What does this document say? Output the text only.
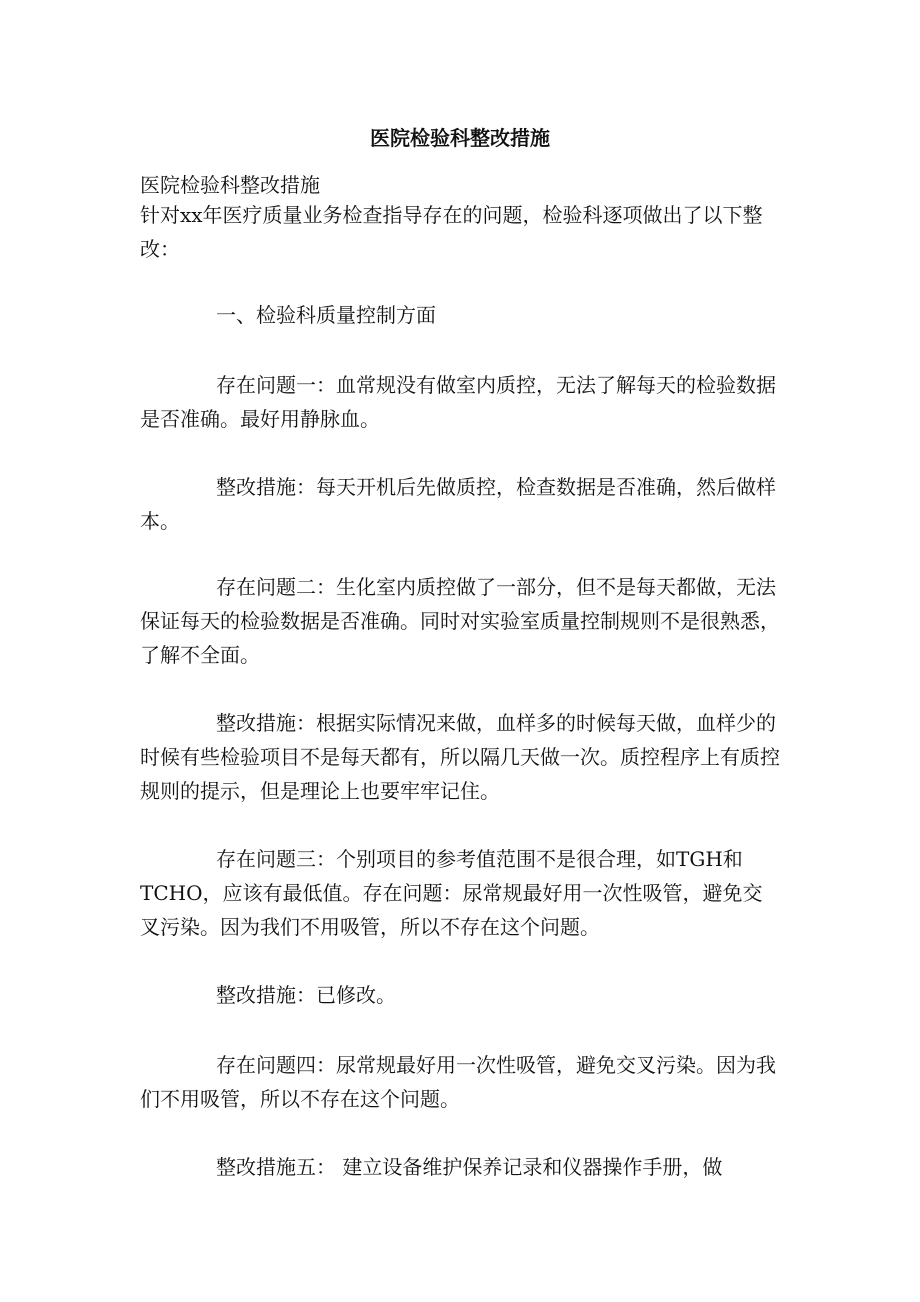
医院检验科整改措施

医院检验科整改措施

针对xx年医疗质量业务检查指导存在的问题，检验科逐项做出了以下整改：

一、检验科质量控制方面

存在问题一：血常规没有做室内质控，无法了解每天的检验数据是否准确。最好用静脉血。

整改措施：每天开机后先做质控，检查数据是否准确，然后做样本。

存在问题二：生化室内质控做了一部分，但不是每天都做，无法保证每天的检验数据是否准确。同时对实验室质量控制规则不是很熟悉，了解不全面。

整改措施：根据实际情况来做，血样多的时候每天做，血样少的时候有些检验项目不是每天都有，所以隔几天做一次。质控程序上有质控规则的提示，但是理论上也要牢牢记住。

存在问题三：个别项目的参考值范围不是很合理，如TGH和TCHO，应该有最低值。存在问题：尿常规最好用一次性吸管，避免交叉污染。因为我们不用吸管，所以不存在这个问题。

整改措施：已修改。

存在问题四：尿常规最好用一次性吸管，避免交叉污染。因为我们不用吸管，所以不存在这个问题。

整改措施五： 建立设备维护保养记录和仪器操作手册，做
